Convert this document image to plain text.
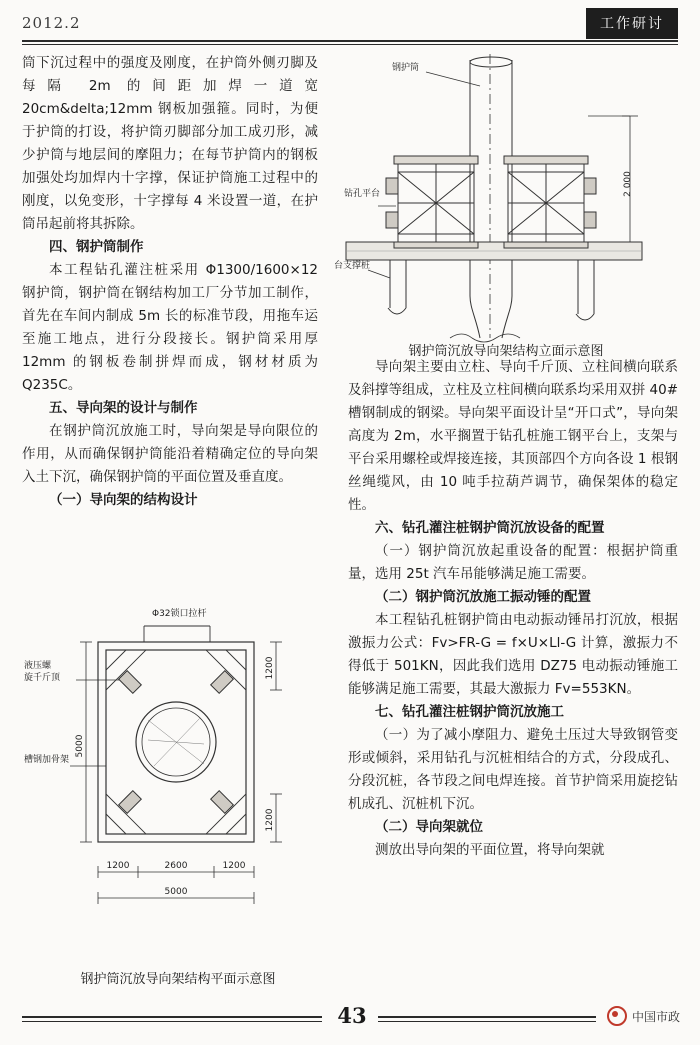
2012.2	工作研讨

筒下沉过程中的强度及刚度，在护筒外侧刃脚及每隔 2m 的间距加焊一道宽 20cm&delta;12mm 钢板加强箍。同时，为便于护筒的打设，将护筒刃脚部分加工成刃形，减少护筒与地层间的摩阻力；在每节护筒内的钢板加强处均加焊内十字撑，保证护筒施工过程中的刚度，以免变形，十字撑每 4 米设置一道，在护筒吊起前将其拆除。

四、钢护筒制作

本工程钻孔灌注桩采用 Φ1300/1600×12 钢护筒，钢护筒在钢结构加工厂分节加工制作，首先在车间内制成 5m 长的标准节段，用拖车运至施工地点，进行分段接长。钢护筒采用厚 12mm 的钢板卷制拼焊而成，钢材材质为 Q235C。

五、导向架的设计与制作

在钢护筒沉放施工时，导向架是导向限位的作用，从而确保钢护筒能沿着精确定位的导向架入土下沉，确保钢护筒的平面位置及垂直度。

（一）导向架的结构设计

导向架主要由立柱、导向千斤顶、立柱间横向联系及斜撑等组成，立柱及立柱间横向联系均采用双拼 40# 槽钢制成的钢梁。导向架平面设计呈“开口式”，导向架高度为 2m，水平搁置于钻孔桩施工钢平台上，支架与平台采用螺栓或焊接连接，其顶部四个方向各设 1 根钢丝绳缆风，由 10 吨手拉葫芦调节，确保架体的稳定性。

六、钻孔灌注桩钢护筒沉放设备的配置

（一）钢护筒沉放起重设备的配置：根据护筒重量，选用 25t 汽车吊能够满足施工需要。

（二）钢护筒沉放施工振动锤的配置

本工程钻孔桩钢护筒由电动振动锤吊打沉放，根据激振力公式：Fv>FR-G = f×U×Ll-G 计算，激振力不得低于 501KN，因此我们选用 DZ75 电动振动锤施工能够满足施工需要，其最大激振力 Fv=553KN。

七、钻孔灌注桩钢护筒沉放施工

（一）为了减小摩阻力、避免土压过大导致钢管变形或倾斜，采用钻孔与沉桩相结合的方式，分段成孔、分段沉桩，各节段之间电焊连接。首节护筒采用旋挖钻机成孔、沉桩机下沉。

（二）导向架就位

测放出导向架的平面位置，将导向架就

钢护筒
钻孔平台
台支撑桩
2 000
钢护筒沉放导向架结构立面示意图
Φ32锁口拉杆
液压螺
旋千斤顶
槽钢加骨架
5000
1200
1200
1200	2600	1200
5000
钢护筒沉放导向架结构平面示意图
43	中国市政
